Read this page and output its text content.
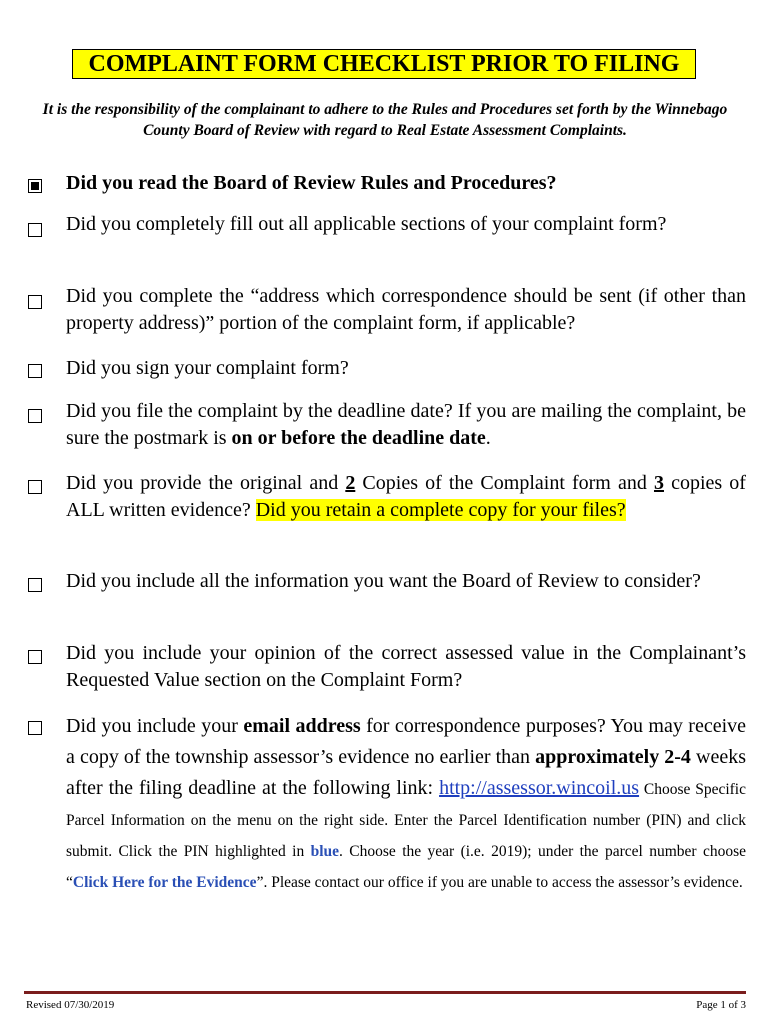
COMPLAINT FORM CHECKLIST PRIOR TO FILING
It is the responsibility of the complainant to adhere to the Rules and Procedures set forth by the Winnebago County Board of Review with regard to Real Estate Assessment Complaints.
Did you read the Board of Review Rules and Procedures?
Did you completely fill out all applicable sections of your complaint form?
Did you complete the “address which correspondence should be sent (if other than property address)” portion of the complaint form, if applicable?
Did you sign your complaint form?
Did you file the complaint by the deadline date? If you are mailing the complaint, be sure the postmark is on or before the deadline date.
Did you provide the original and 2 Copies of the Complaint form and 3 copies of ALL written evidence? Did you retain a complete copy for your files?
Did you include all the information you want the Board of Review to consider?
Did you include your opinion of the correct assessed value in the Complainant’s Requested Value section on the Complaint Form?
Did you include your email address for correspondence purposes? You may receive a copy of the township assessor’s evidence no earlier than approximately 2-4 weeks after the filing deadline at the following link: http://assessor.wincoil.us Choose Specific Parcel Information on the menu on the right side. Enter the Parcel Identification number (PIN) and click submit. Click the PIN highlighted in blue. Choose the year (i.e. 2019); under the parcel number choose “Click Here for the Evidence”. Please contact our office if you are unable to access the assessor’s evidence.
Revised 07/30/2019	Page 1 of 3
